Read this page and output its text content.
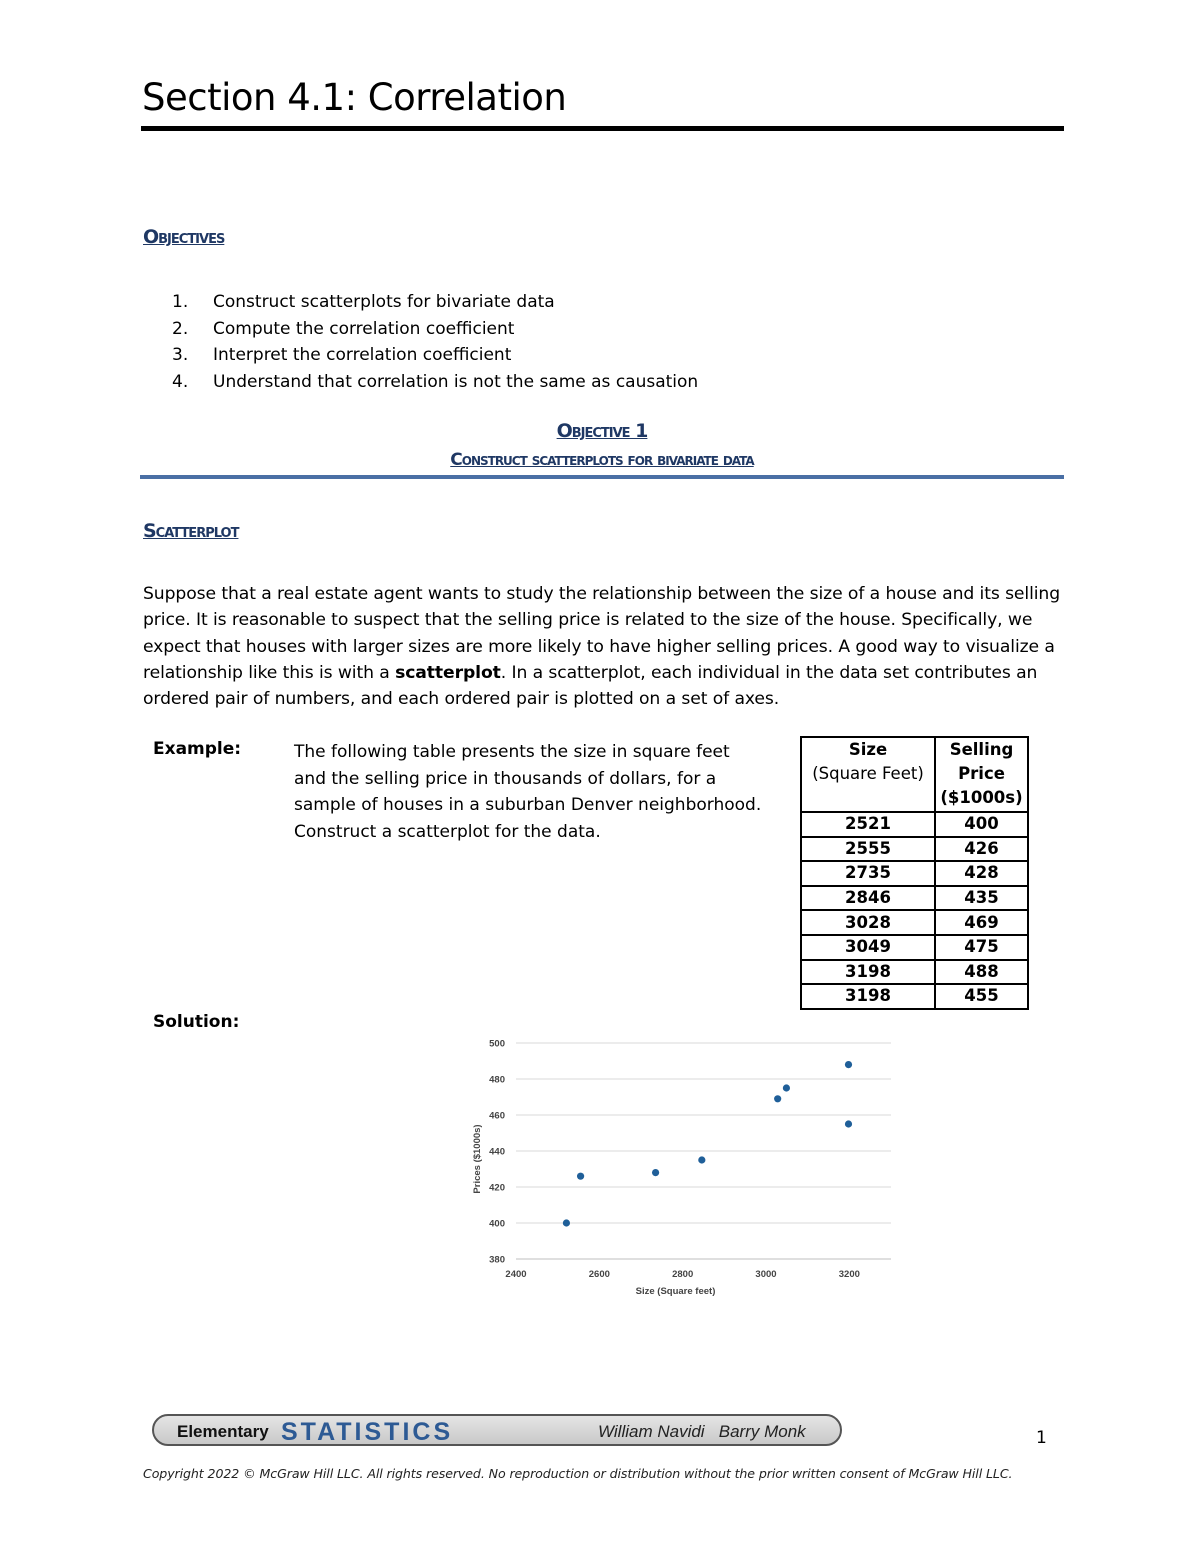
Section 4.1: Correlation
Objectives
1.	Construct scatterplots for bivariate data
2.	Compute the correlation coefficient
3.	Interpret the correlation coefficient
4.	Understand that correlation is not the same as causation
Objective 1
Construct scatterplots for bivariate data
Scatterplot
Suppose that a real estate agent wants to study the relationship between the size of a house and its selling price. It is reasonable to suspect that the selling price is related to the size of the house. Specifically, we expect that houses with larger sizes are more likely to have higher selling prices. A good way to visualize a relationship like this is with a scatterplot. In a scatterplot, each individual in the data set contributes an ordered pair of numbers, and each ordered pair is plotted on a set of axes.
Example:	The following table presents the size in square feet and the selling price in thousands of dollars, for a sample of houses in a suburban Denver neighborhood. Construct a scatterplot for the data.
Size
(Square Feet)	Selling
Price
($1000s)
2521	400
2555	426
2735	428
2846	435
3028	469
3049	475
3198	488
3198	455
Solution:
380
400
420
440
460
480
500
2400	2600	2800	3000	3200
Size (Square feet)
Prices ($1000s)
Elementary STATISTICS	William Navidi   Barry Monk	1
Copyright 2022 © McGraw Hill LLC. All rights reserved. No reproduction or distribution without the prior written consent of McGraw Hill LLC.
